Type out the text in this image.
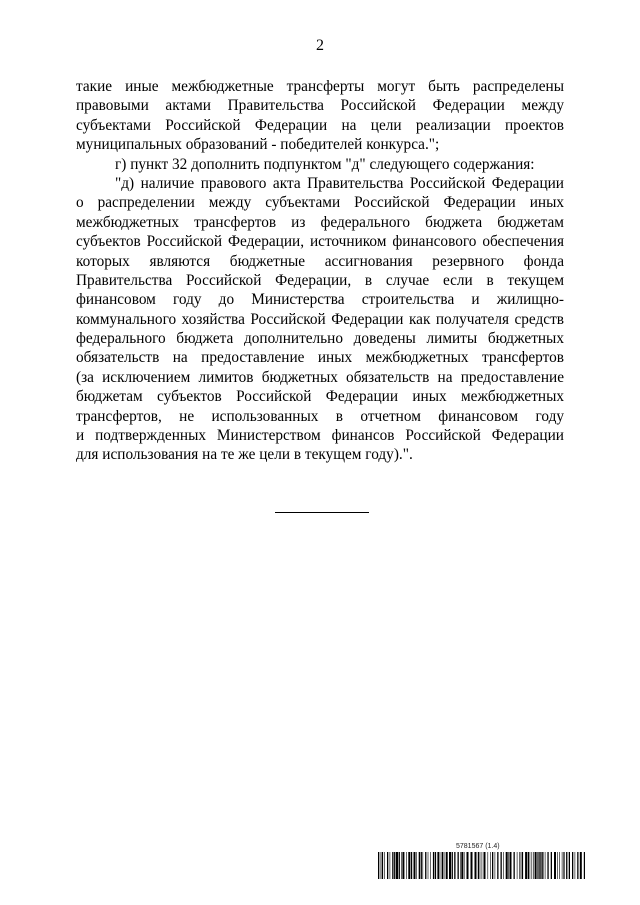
2
такие иные межбюджетные трансферты могут быть распределены
правовыми актами Правительства Российской Федерации между
субъектами Российской Федерации на цели реализации проектов
муниципальных образований - победителей конкурса.";
г) пункт 32 дополнить подпунктом "д" следующего содержания:
"д) наличие правового акта Правительства Российской Федерации
о распределении между субъектами Российской Федерации иных
межбюджетных трансфертов из федерального бюджета бюджетам
субъектов Российской Федерации, источником финансового обеспечения
которых являются бюджетные ассигнования резервного фонда
Правительства Российской Федерации, в случае если в текущем
финансовом году до Министерства строительства и жилищно-
коммунального хозяйства Российской Федерации как получателя средств
федерального бюджета дополнительно доведены лимиты бюджетных
обязательств на предоставление иных межбюджетных трансфертов
(за исключением лимитов бюджетных обязательств на предоставление
бюджетам субъектов Российской Федерации иных межбюджетных
трансфертов, не использованных в отчетном финансовом году
и подтвержденных Министерством финансов Российской Федерации
для использования на те же цели в текущем году).".
5781567 (1.4)
